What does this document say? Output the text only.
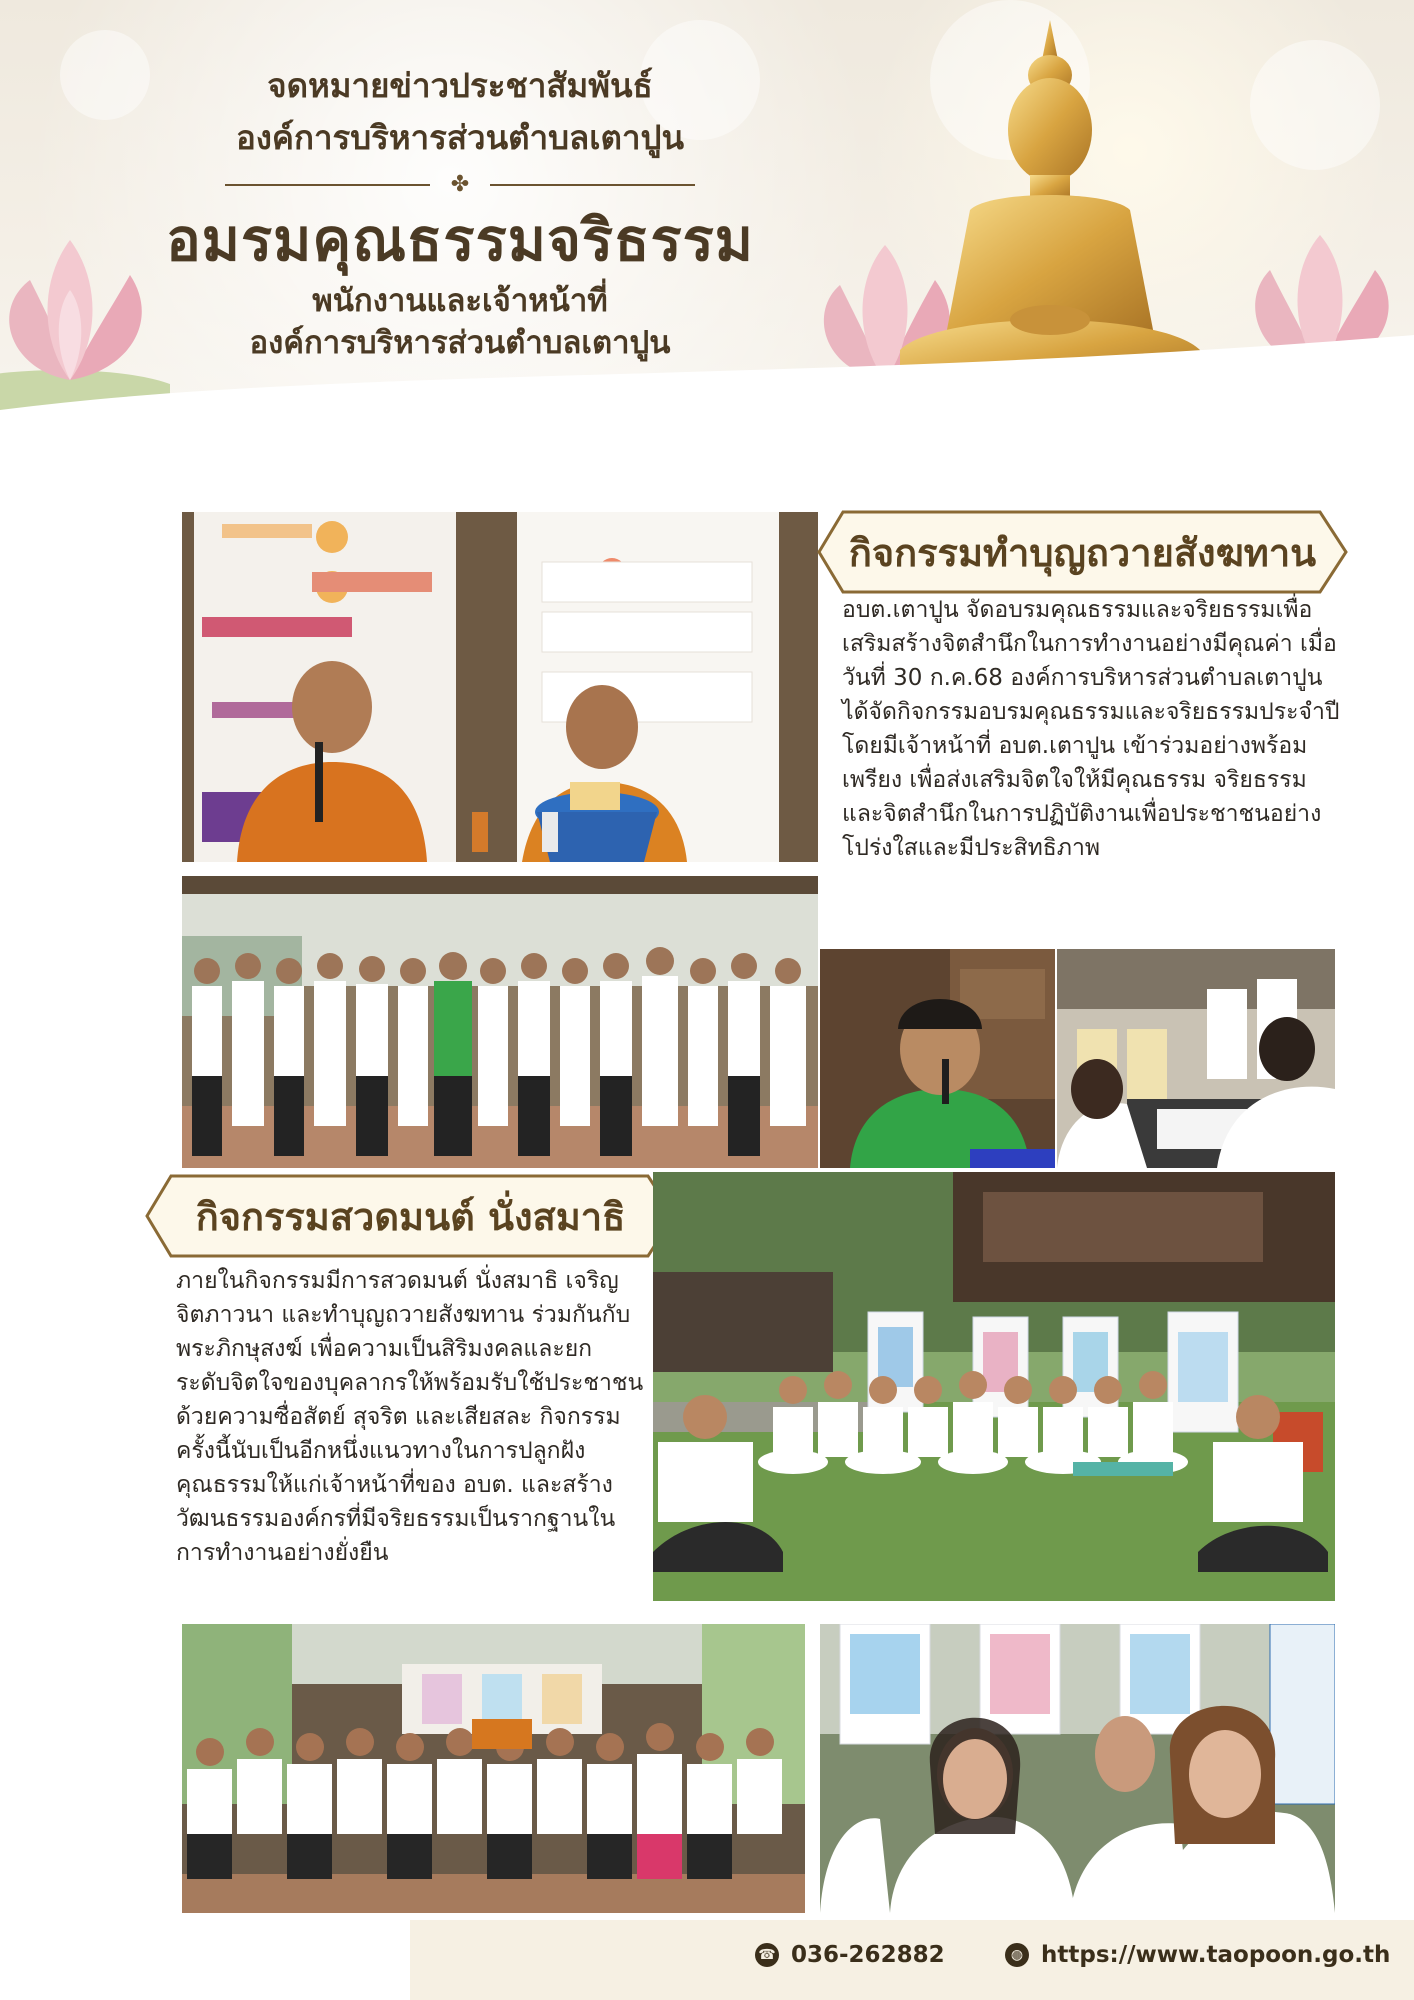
จดหมายข่าวประชาสัมพันธ์

องค์การบริหารส่วนตำบลเตาปูน

✤

อมรมคุณธรรมจริธรรม

พนักงานและเจ้าหน้าที่

องค์การบริหารส่วนตำบลเตาปูน

กิจกรรมทำบุญถวายสังฆทาน

อบต.เตาปูน จัดอบรมคุณธรรมและจริยธรรมเพื่อเสริมสร้างจิตสำนึกในการทำงานอย่างมีคุณค่า เมื่อวันที่ 30 ก.ค.68 องค์การบริหารส่วนตำบลเตาปูน ได้จัดกิจกรรมอบรมคุณธรรมและจริยธรรมประจำปี โดยมีเจ้าหน้าที่ อบต.เตาปูน เข้าร่วมอย่างพร้อมเพรียง เพื่อส่งเสริมจิตใจให้มีคุณธรรม จริยธรรม และจิตสำนึกในการปฏิบัติงานเพื่อประชาชนอย่างโปร่งใสและมีประสิทธิภาพ

กิจกรรมสวดมนต์ นั่งสมาธิ

ภายในกิจกรรมมีการสวดมนต์ นั่งสมาธิ เจริญจิตภาวนา และทำบุญถวายสังฆทาน ร่วมกันกับพระภิกษุสงฆ์ เพื่อความเป็นสิริมงคลและยกระดับจิตใจของบุคลากรให้พร้อมรับใช้ประชาชนด้วยความซื่อสัตย์ สุจริต และเสียสละ กิจกรรมครั้งนี้นับเป็นอีกหนึ่งแนวทางในการปลูกฝังคุณธรรมให้แก่เจ้าหน้าที่ของ อบต. และสร้างวัฒนธรรมองค์กรที่มีจริยธรรมเป็นรากฐานในการทำงานอย่างยั่งยืน

☎ 036-262882	◍ https://www.taopoon.go.th
